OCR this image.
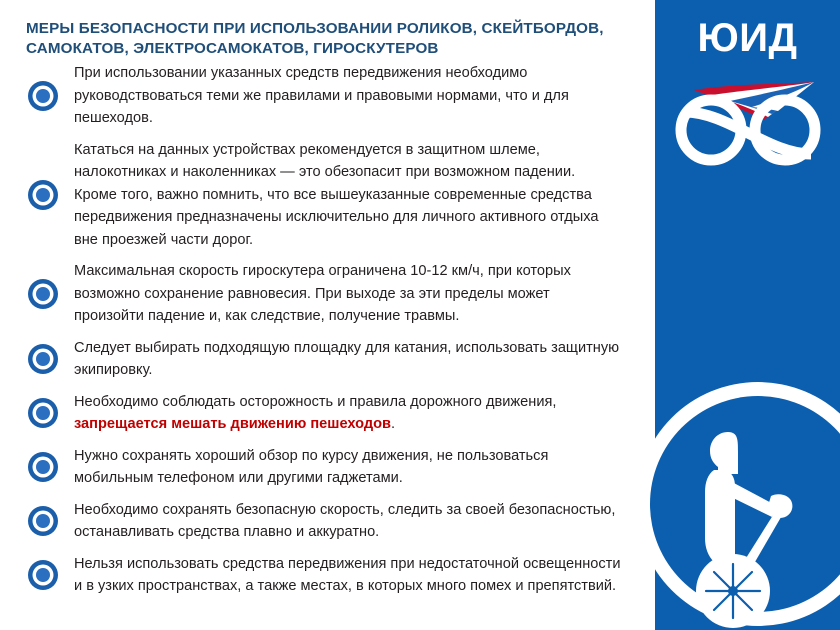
ЮИД
МЕРЫ БЕЗОПАСНОСТИ ПРИ ИСПОЛЬЗОВАНИИ РОЛИКОВ, СКЕЙТБОРДОВ, САМОКАТОВ, ЭЛЕКТРОСАМОКАТОВ, ГИРОСКУТЕРОВ
При использовании указанных средств передвижения необходимо руководствоваться теми же правилами и правовыми нормами, что и для пешеходов.
Кататься на данных устройствах рекомендуется в защитном шлеме, налокотниках и наколенниках — это обезопасит при возможном падении. Кроме того, важно помнить, что все вышеуказанные современные средства передвижения предназначены исключительно для личного активного отдыха вне проезжей части дорог.
Максимальная скорость гироскутера ограничена 10-12 км/ч, при которых возможно сохранение равновесия. При выходе за эти пределы может произойти падение и, как следствие, получение травмы.
Следует выбирать подходящую площадку для катания, использовать защитную экипировку.
Необходимо соблюдать осторожность и правила дорожного движения, запрещается мешать движению пешеходов.
Нужно сохранять хороший обзор по курсу движения, не пользоваться мобильным телефоном или другими гаджетами.
Необходимо сохранять безопасную скорость, следить за своей безопасностью, останавливать средства плавно и аккуратно.
Нельзя использовать средства передвижения при недостаточной освещенности и в узких пространствах, а также местах, в которых много помех и препятствий.
